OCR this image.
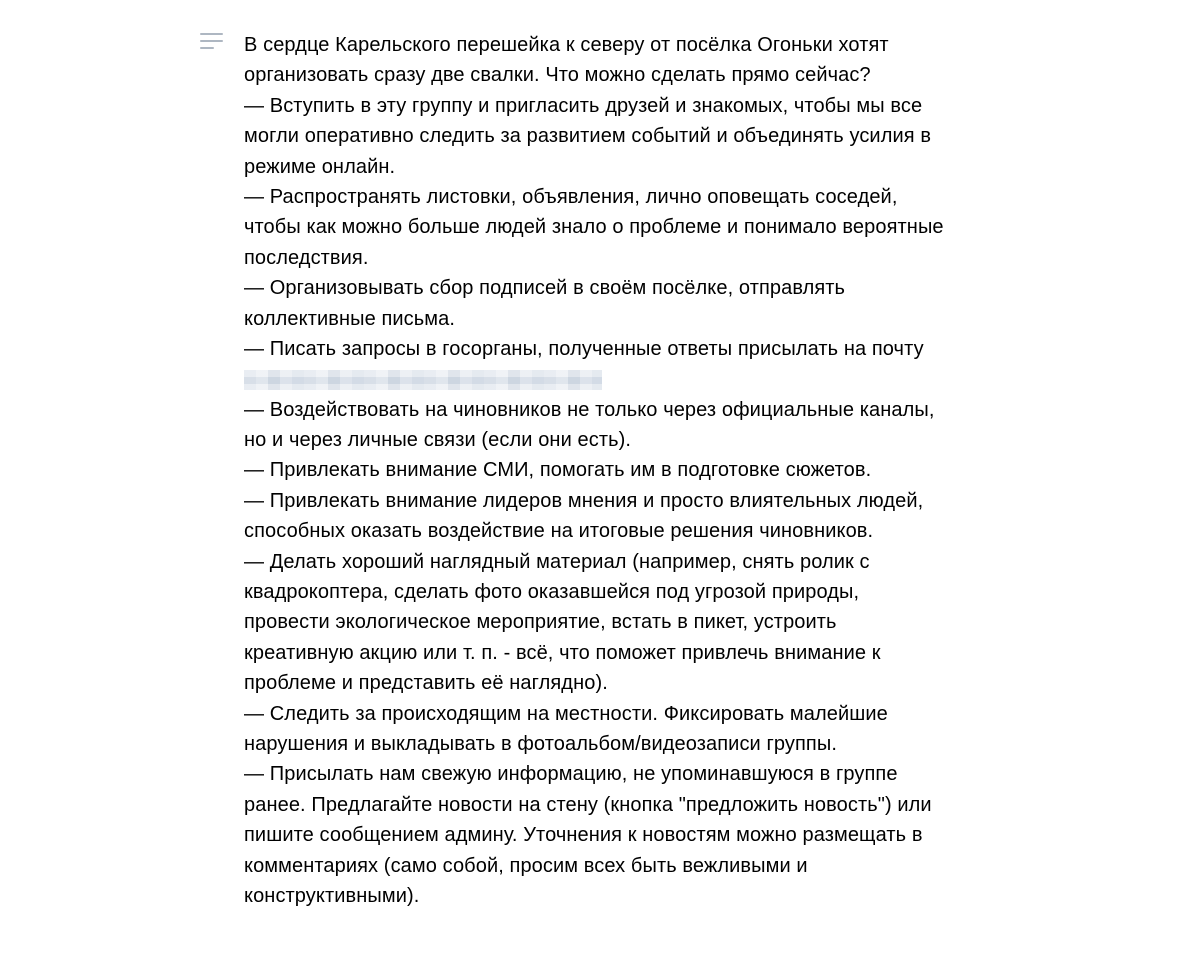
В сердце Карельского перешейка к северу от посёлка Огоньки хотят
организовать сразу две свалки. Что можно сделать прямо сейчас?
— Вступить в эту группу и пригласить друзей и знакомых, чтобы мы все
могли оперативно следить за развитием событий и объединять усилия в
режиме онлайн.
— Распространять листовки, объявления, лично оповещать соседей,
чтобы как можно больше людей знало о проблеме и понимало вероятные
последствия.
— Организовывать сбор подписей в своём посёлке, отправлять
коллективные письма.
— Писать запросы в госорганы, полученные ответы присылать на почту
— Воздействовать на чиновников не только через официальные каналы,
но и через личные связи (если они есть).
— Привлекать внимание СМИ, помогать им в подготовке сюжетов.
— Привлекать внимание лидеров мнения и просто влиятельных людей,
способных оказать воздействие на итоговые решения чиновников.
— Делать хороший наглядный материал (например, снять ролик с
квадрокоптера, сделать фото оказавшейся под угрозой природы,
провести экологическое мероприятие, встать в пикет, устроить
креативную акцию или т. п. - всё, что поможет привлечь внимание к
проблеме и представить её наглядно).
— Следить за происходящим на местности. Фиксировать малейшие
нарушения и выкладывать в фотоальбом/видеозаписи группы.
— Присылать нам свежую информацию, не упоминавшуюся в группе
ранее. Предлагайте новости на стену (кнопка "предложить новость") или
пишите сообщением админу. Уточнения к новостям можно размещать в
комментариях (само собой, просим всех быть вежливыми и
конструктивными).
